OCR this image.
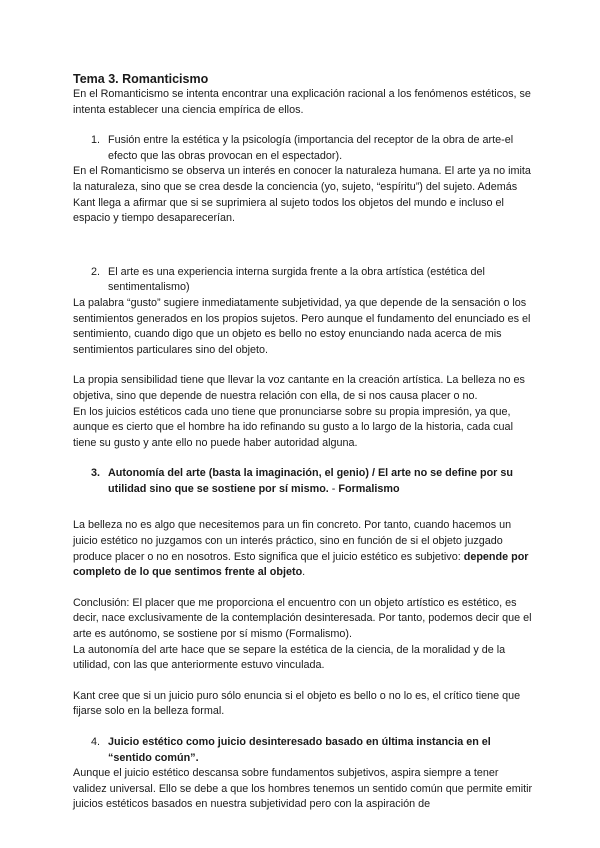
Tema 3. Romanticismo

En el Romanticismo se intenta encontrar una explicación racional a los fenómenos estéticos, se intenta establecer una ciencia empírica de ellos.

1. Fusión entre la estética y la psicología (importancia del receptor de la obra de arte-el efecto que las obras provocan en el espectador).

En el Romanticismo se observa un interés en conocer la naturaleza humana. El arte ya no imita la naturaleza, sino que se crea desde la conciencia (yo, sujeto, “espíritu”) del sujeto. Además Kant llega a afirmar que si se suprimiera al sujeto todos los objetos del mundo e incluso el espacio y tiempo desaparecerían.

2. El arte es una experiencia interna surgida frente a la obra artística (estética del sentimentalismo)

La palabra “gusto” sugiere inmediatamente subjetividad, ya que depende de la sensación o los sentimientos generados en los propios sujetos. Pero aunque el fundamento del enunciado es el sentimiento, cuando digo que un objeto es bello no estoy enunciando nada acerca de mis sentimientos particulares sino del objeto.

La propia sensibilidad tiene que llevar la voz cantante en la creación artística. La belleza no es objetiva, sino que depende de nuestra relación con ella, de si nos causa placer o no.

En los juicios estéticos cada uno tiene que pronunciarse sobre su propia impresión, ya que, aunque es cierto que el hombre ha ido refinando su gusto a lo largo de la historia, cada cual tiene su gusto y ante ello no puede haber autoridad alguna.

3. Autonomía del arte (basta la imaginación, el genio) / El arte no se define por su utilidad sino que se sostiene por sí mismo. - Formalismo

La belleza no es algo que necesitemos para un fin concreto. Por tanto, cuando hacemos un juicio estético no juzgamos con un interés práctico, sino en función de si el objeto juzgado produce placer o no en nosotros. Esto significa que el juicio estético es subjetivo: depende por completo de lo que sentimos frente al objeto.

Conclusión: El placer que me proporciona el encuentro con un objeto artístico es estético, es decir, nace exclusivamente de la contemplación desinteresada. Por tanto, podemos decir que el arte es autónomo, se sostiene por sí mismo (Formalismo).

La autonomía del arte hace que se separe la estética de la ciencia, de la moralidad y de la utilidad, con las que anteriormente estuvo vinculada.

Kant cree que si un juicio puro sólo enuncia si el objeto es bello o no lo es, el crítico tiene que fijarse solo en la belleza formal.

4. Juicio estético como juicio desinteresado basado en última instancia en el “sentido común”.

Aunque el juicio estético descansa sobre fundamentos subjetivos, aspira siempre a tener validez universal. Ello se debe a que los hombres tenemos un sentido común que permite emitir juicios estéticos basados en nuestra subjetividad pero con la aspiración de
